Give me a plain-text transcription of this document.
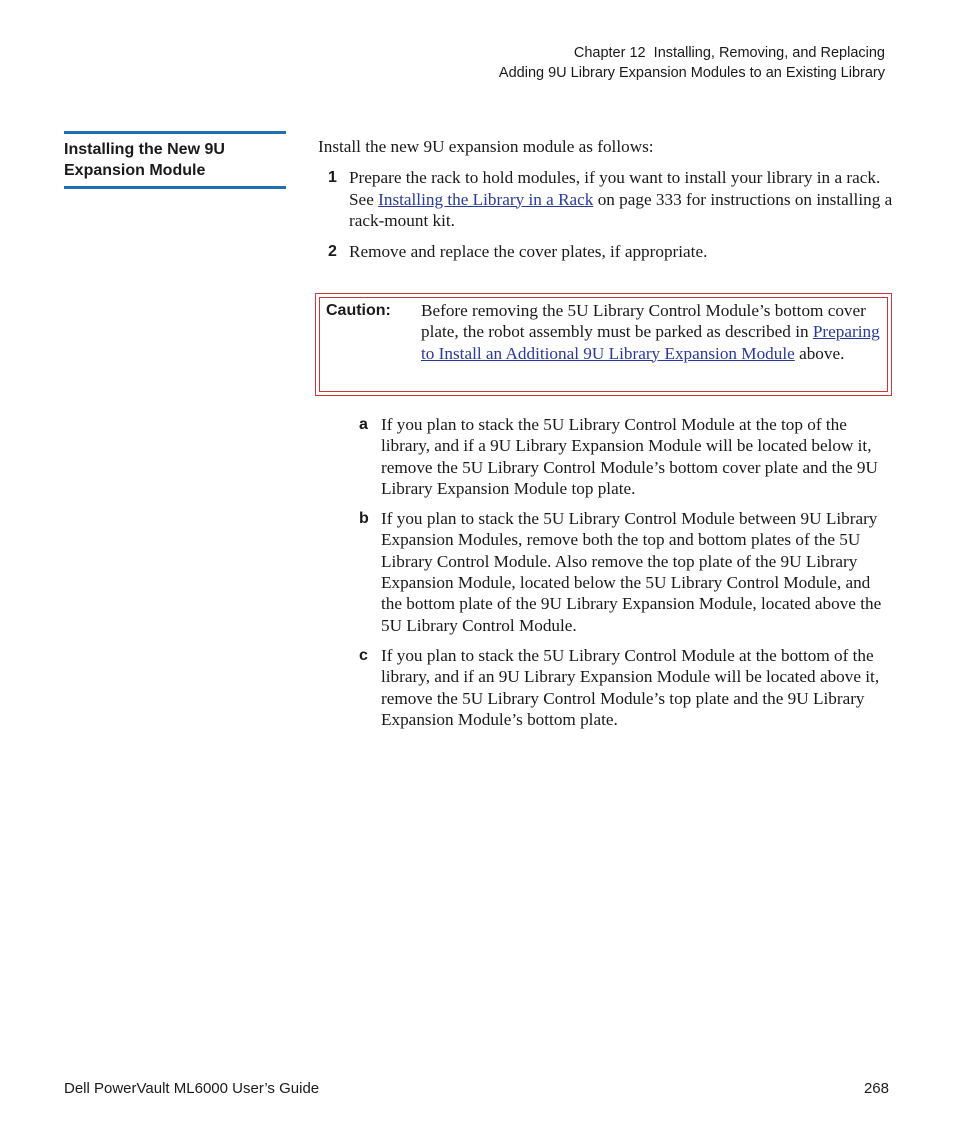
Chapter 12  Installing, Removing, and Replacing
Adding 9U Library Expansion Modules to an Existing Library
Installing the New 9U
Expansion Module

Install the new 9U expansion module as follows:

1 Prepare the rack to hold modules, if you want to install your library in a rack. See Installing the Library in a Rack on page 333 for instructions on installing a rack-mount kit.
2 Remove and replace the cover plates, if appropriate.
Caution: Before removing the 5U Library Control Module’s bottom cover plate, the robot assembly must be parked as described in Preparing to Install an Additional 9U Library Expansion Module above.
a If you plan to stack the 5U Library Control Module at the top of the library, and if a 9U Library Expansion Module will be located below it, remove the 5U Library Control Module’s bottom cover plate and the 9U Library Expansion Module top plate.
b If you plan to stack the 5U Library Control Module between 9U Library Expansion Modules, remove both the top and bottom plates of the 5U Library Control Module. Also remove the top plate of the 9U Library Expansion Module, located below the 5U Library Control Module, and the bottom plate of the 9U Library Expansion Module, located above the 5U Library Control Module.
c If you plan to stack the 5U Library Control Module at the bottom of the library, and if an 9U Library Expansion Module will be located above it, remove the 5U Library Control Module’s top plate and the 9U Library Expansion Module’s bottom plate.
Dell PowerVault ML6000 User’s Guide	268
